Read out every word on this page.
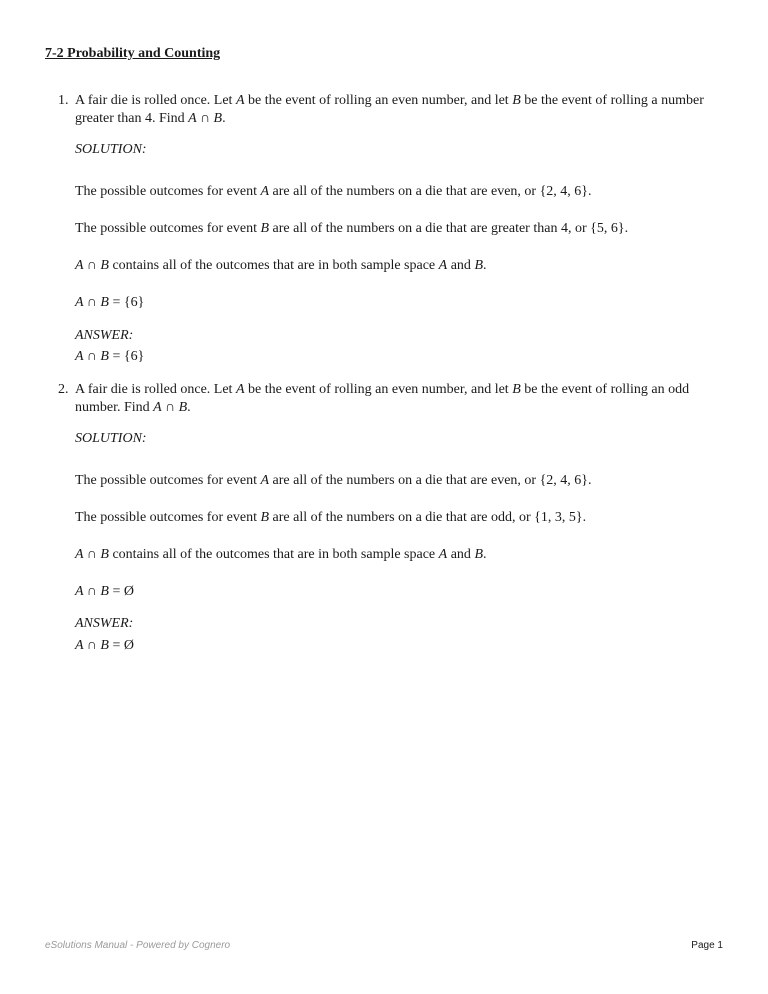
7-2 Probability and Counting
1. A fair die is rolled once. Let A be the event of rolling an even number, and let B be the event of rolling a number
greater than 4. Find A ∩ B.
SOLUTION:
The possible outcomes for event A are all of the numbers on a die that are even, or {2, 4, 6}.
The possible outcomes for event B are all of the numbers on a die that are greater than 4, or {5, 6}.
A ∩ B contains all of the outcomes that are in both sample space A and B.
A ∩ B = {6}
ANSWER:
A ∩ B = {6}
2. A fair die is rolled once. Let A be the event of rolling an even number, and let B be the event of rolling an odd
number. Find A ∩ B.
SOLUTION:
The possible outcomes for event A are all of the numbers on a die that are even, or {2, 4, 6}.
The possible outcomes for event B are all of the numbers on a die that are odd, or {1, 3, 5}.
A ∩ B contains all of the outcomes that are in both sample space A and B.
A ∩ B = Ø
ANSWER:
A ∩ B = Ø
eSolutions Manual - Powered by Cognero	Page 1
